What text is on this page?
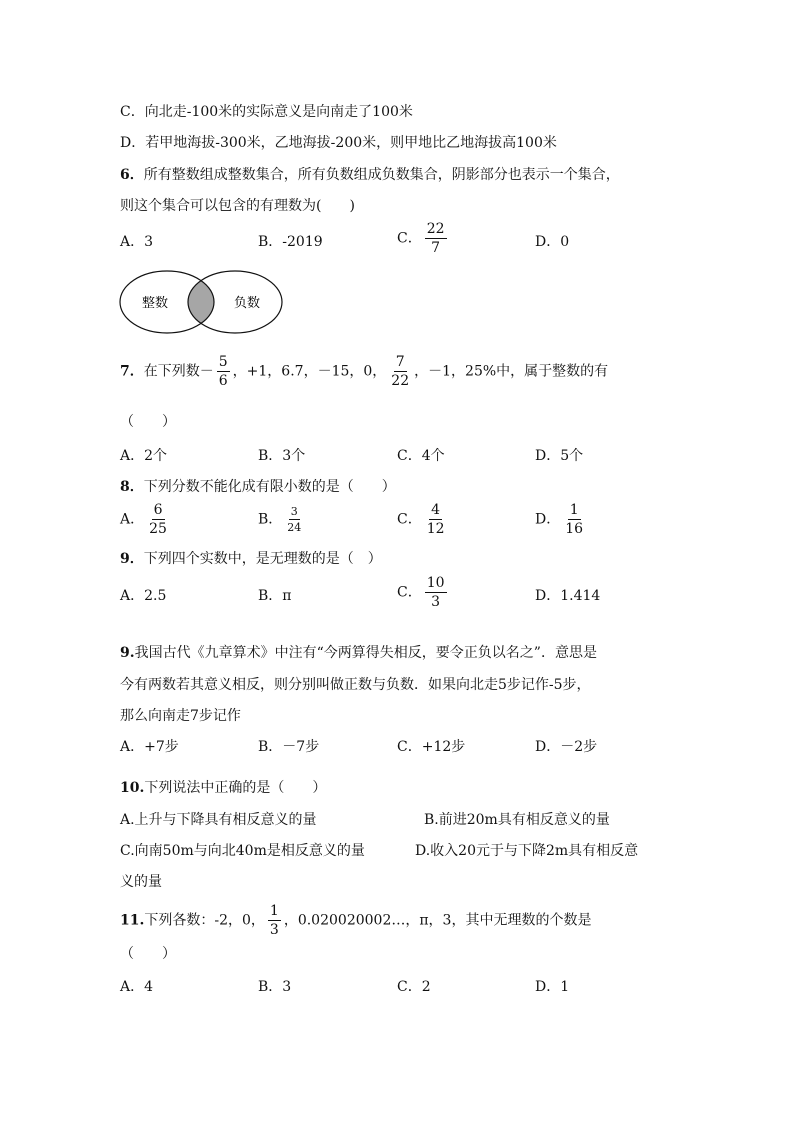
C．向北走-100米的实际意义是向南走了100米
D．若甲地海拔-300米，乙地海拔-200米，则甲地比乙地海拔高100米
6．所有整数组成整数集合，所有负数组成负数集合，阴影部分也表示一个集合，
则这个集合可以包含的有理数为(　　)
A．3	B．-2019	C． $\frac{22}{7}$	D．0
整数	负数
7．在下列数－ $\frac{5}{6}$ ，+1，6.7，－15，0， $\frac{7}{22}$ ，－1，25%中，属于整数的有
（　　）
A．2个	B．3个	C．4个	D．5个
8．下列分数不能化成有限小数的是（　　）
A． $\frac{6}{25}$	B． $\frac{3}{24}$	C． $\frac{4}{12}$	D． $\frac{1}{16}$
9．下列四个实数中，是无理数的是（　）
A．2.5	B．π	C． $\frac{10}{3}$	D．1.414
9.我国古代《九章算术》中注有“今两算得失相反，要令正负以名之”．意思是
今有两数若其意义相反，则分别叫做正数与负数．如果向北走5步记作-5步，
那么向南走7步记作
A．+7步	B．－7步	C．+12步	D．－2步
10.下列说法中正确的是（　　）
A.上升与下降具有相反意义的量	B.前进20m具有相反意义的量
C.向南50m与向北40m是相反意义的量	D.收入20元于与下降2m具有相反意
义的量
11.下列各数：-2，0， $\frac{1}{3}$ ，0.020020002…，π，3，其中无理数的个数是
（　　）
A．4	B．3	C．2	D．1
